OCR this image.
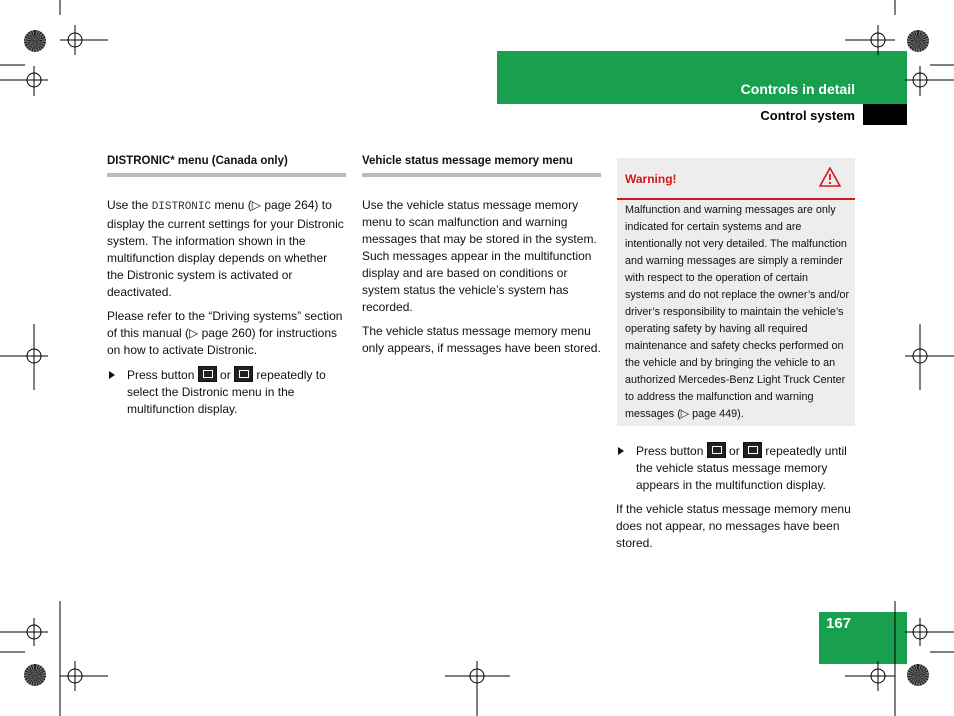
Controls in detail
Control system
DISTRONIC* menu (Canada only)

Use the DISTRONIC menu (▷ page 264) to display the current settings for your Distronic system. The information shown in the multifunction display depends on whether the Distronic system is activated or deactivated.

Please refer to the “Driving systems” section of this manual (▷ page 260) for instructions on how to activate Distronic.

Press button  or  repeatedly to select the Distronic menu in the multifunction display.
Vehicle status message memory menu

Use the vehicle status message memory menu to scan malfunction and warning messages that may be stored in the system. Such messages appear in the multifunction display and are based on conditions or system status the vehicle’s system has recorded.

The vehicle status message memory menu only appears, if messages have been stored.

Warning!
Malfunction and warning messages are only indicated for certain systems and are intentionally not very detailed. The malfunction and warning messages are simply a reminder with respect to the operation of certain systems and do not replace the owner’s and/or driver’s responsibility to maintain the vehicle’s operating safety by having all required maintenance and safety checks performed on the vehicle and by bringing the vehicle to an authorized Mercedes-Benz Light Truck Center to address the malfunction and warning messages (▷ page 449).
Press button  or  repeatedly until the vehicle status message memory appears in the multifunction display.

If the vehicle status message memory menu does not appear, no messages have been stored.

167
